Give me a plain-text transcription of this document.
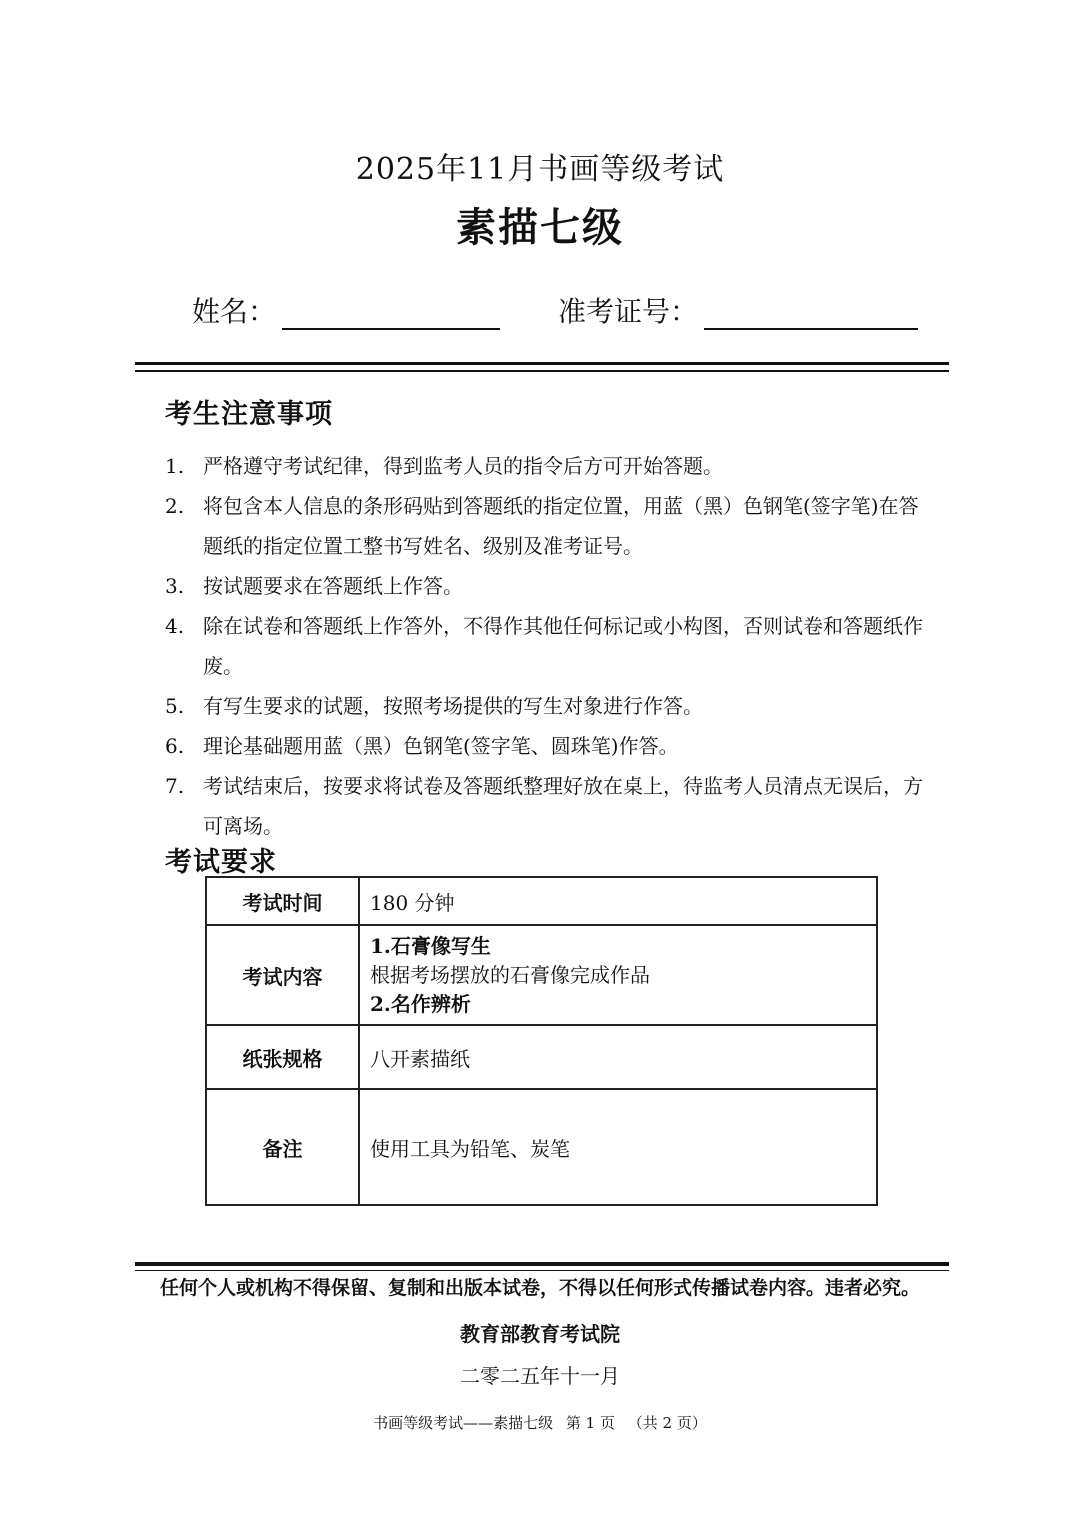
2025年11月书画等级考试
素描七级
姓名：	准考证号：
考生注意事项
1. 严格遵守考试纪律，得到监考人员的指令后方可开始答题。
2. 将包含本人信息的条形码贴到答题纸的指定位置，用蓝（黑）色钢笔(签字笔)在答题纸的指定位置工整书写姓名、级别及准考证号。
3. 按试题要求在答题纸上作答。
4. 除在试卷和答题纸上作答外，不得作其他任何标记或小构图，否则试卷和答题纸作废。
5. 有写生要求的试题，按照考场提供的写生对象进行作答。
6. 理论基础题用蓝（黑）色钢笔(签字笔、圆珠笔)作答。
7. 考试结束后，按要求将试卷及答题纸整理好放在桌上，待监考人员清点无误后，方可离场。
考试要求
考试时间	180 分钟
考试内容	1.石膏像写生
根据考场摆放的石膏像完成作品
2.名作辨析

纸张规格	八开素描纸
备注	使用工具为铅笔、炭笔
任何个人或机构不得保留、复制和出版本试卷，不得以任何形式传播试卷内容。违者必究。
教育部教育考试院
二零二五年十一月
书画等级考试——素描七级 第 1 页 （共 2 页）
